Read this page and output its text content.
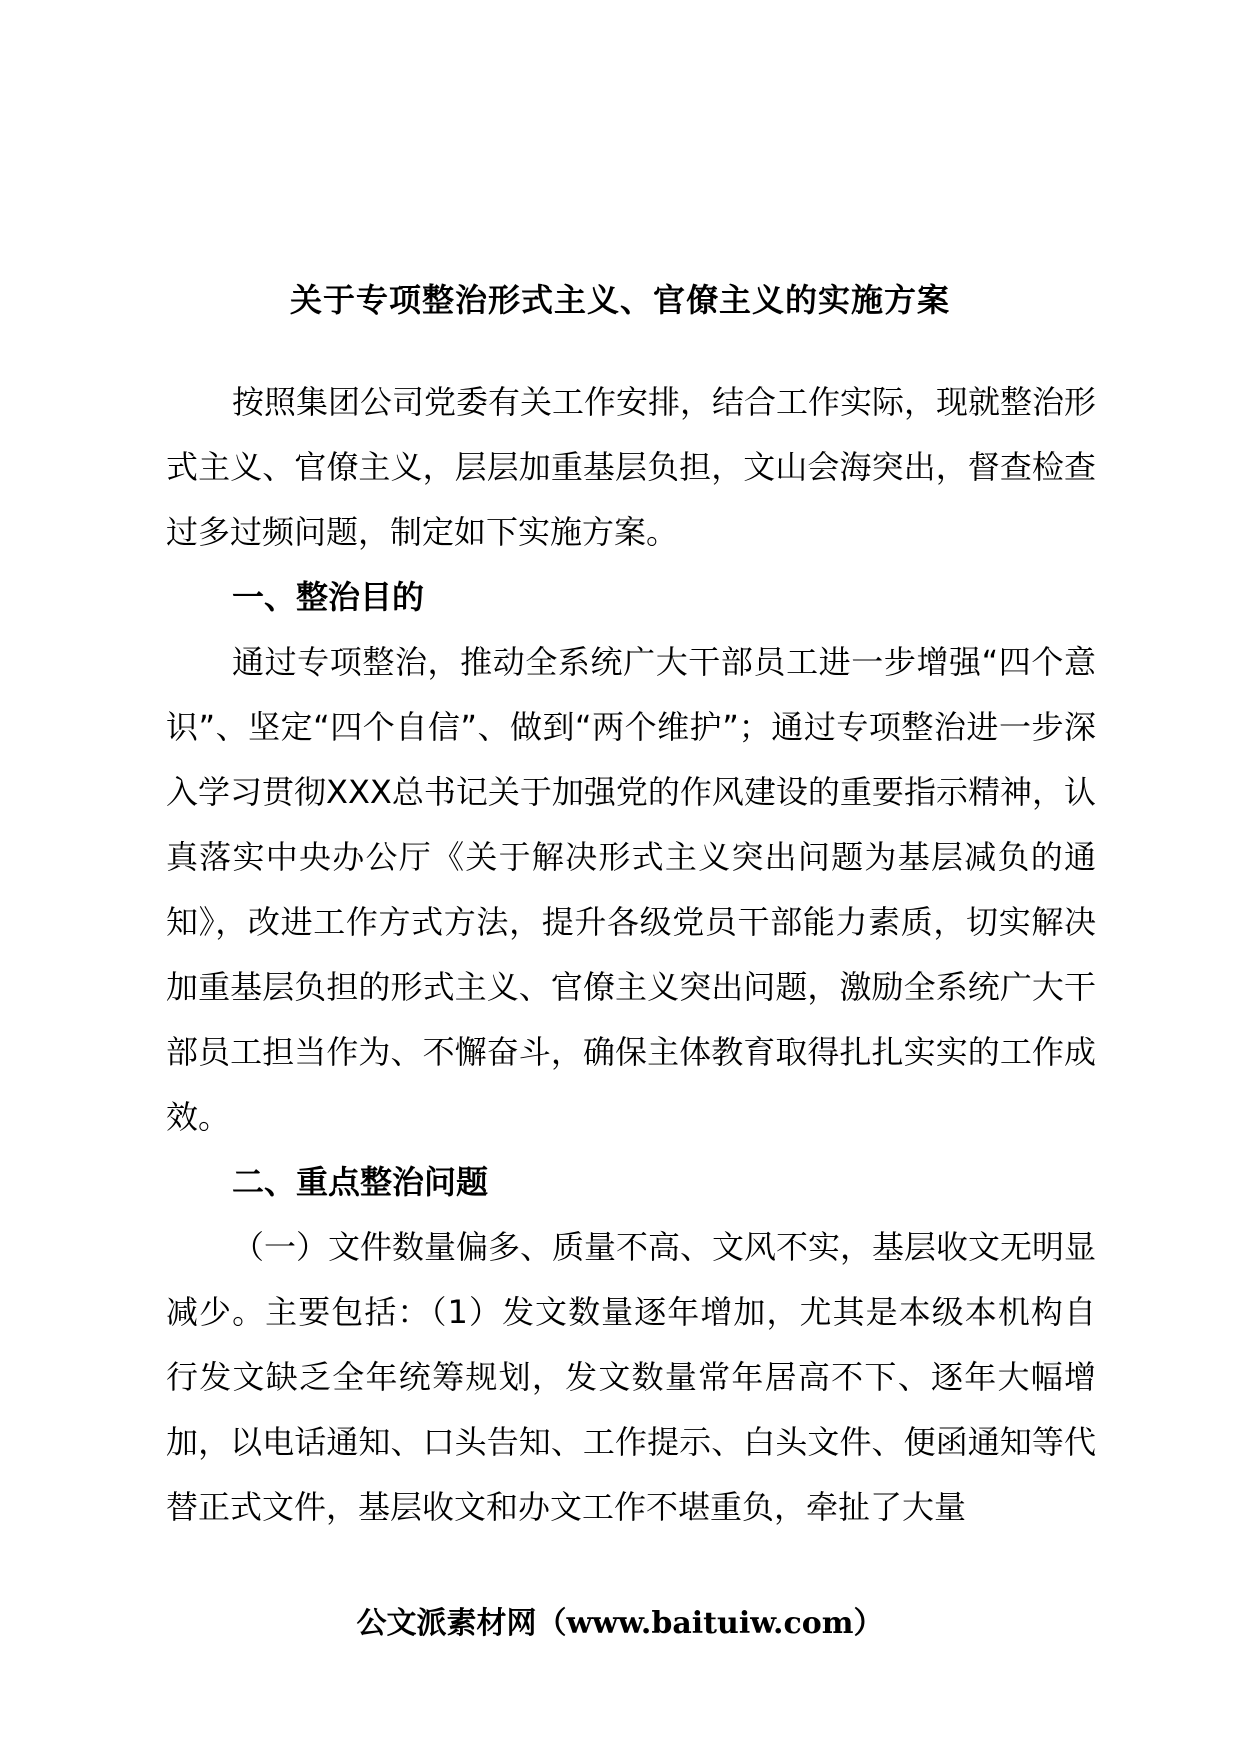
关于专项整治形式主义、官僚主义的实施方案

按照集团公司党委有关工作安排，结合工作实际，现就整治形式主义、官僚主义，层层加重基层负担，文山会海突出，督查检查过多过频问题，制定如下实施方案。

一、整治目的

通过专项整治，推动全系统广大干部员工进一步增强“四个意识”、坚定“四个自信”、做到“两个维护”；通过专项整治进一步深入学习贯彻XXX总书记关于加强党的作风建设的重要指示精神，认真落实中央办公厅《关于解决形式主义突出问题为基层减负的通知》，改进工作方式方法，提升各级党员干部能力素质，切实解决加重基层负担的形式主义、官僚主义突出问题，激励全系统广大干部员工担当作为、不懈奋斗，确保主体教育取得扎扎实实的工作成效。

二、重点整治问题

（一）文件数量偏多、质量不高、文风不实，基层收文无明显减少。主要包括：（1）发文数量逐年增加，尤其是本级本机构自行发文缺乏全年统筹规划，发文数量常年居高不下、逐年大幅增加，以电话通知、口头告知、工作提示、白头文件、便函通知等代替正式文件，基层收文和办文工作不堪重负，牵扯了大量

公文派素材网（www.baituiw.com）
